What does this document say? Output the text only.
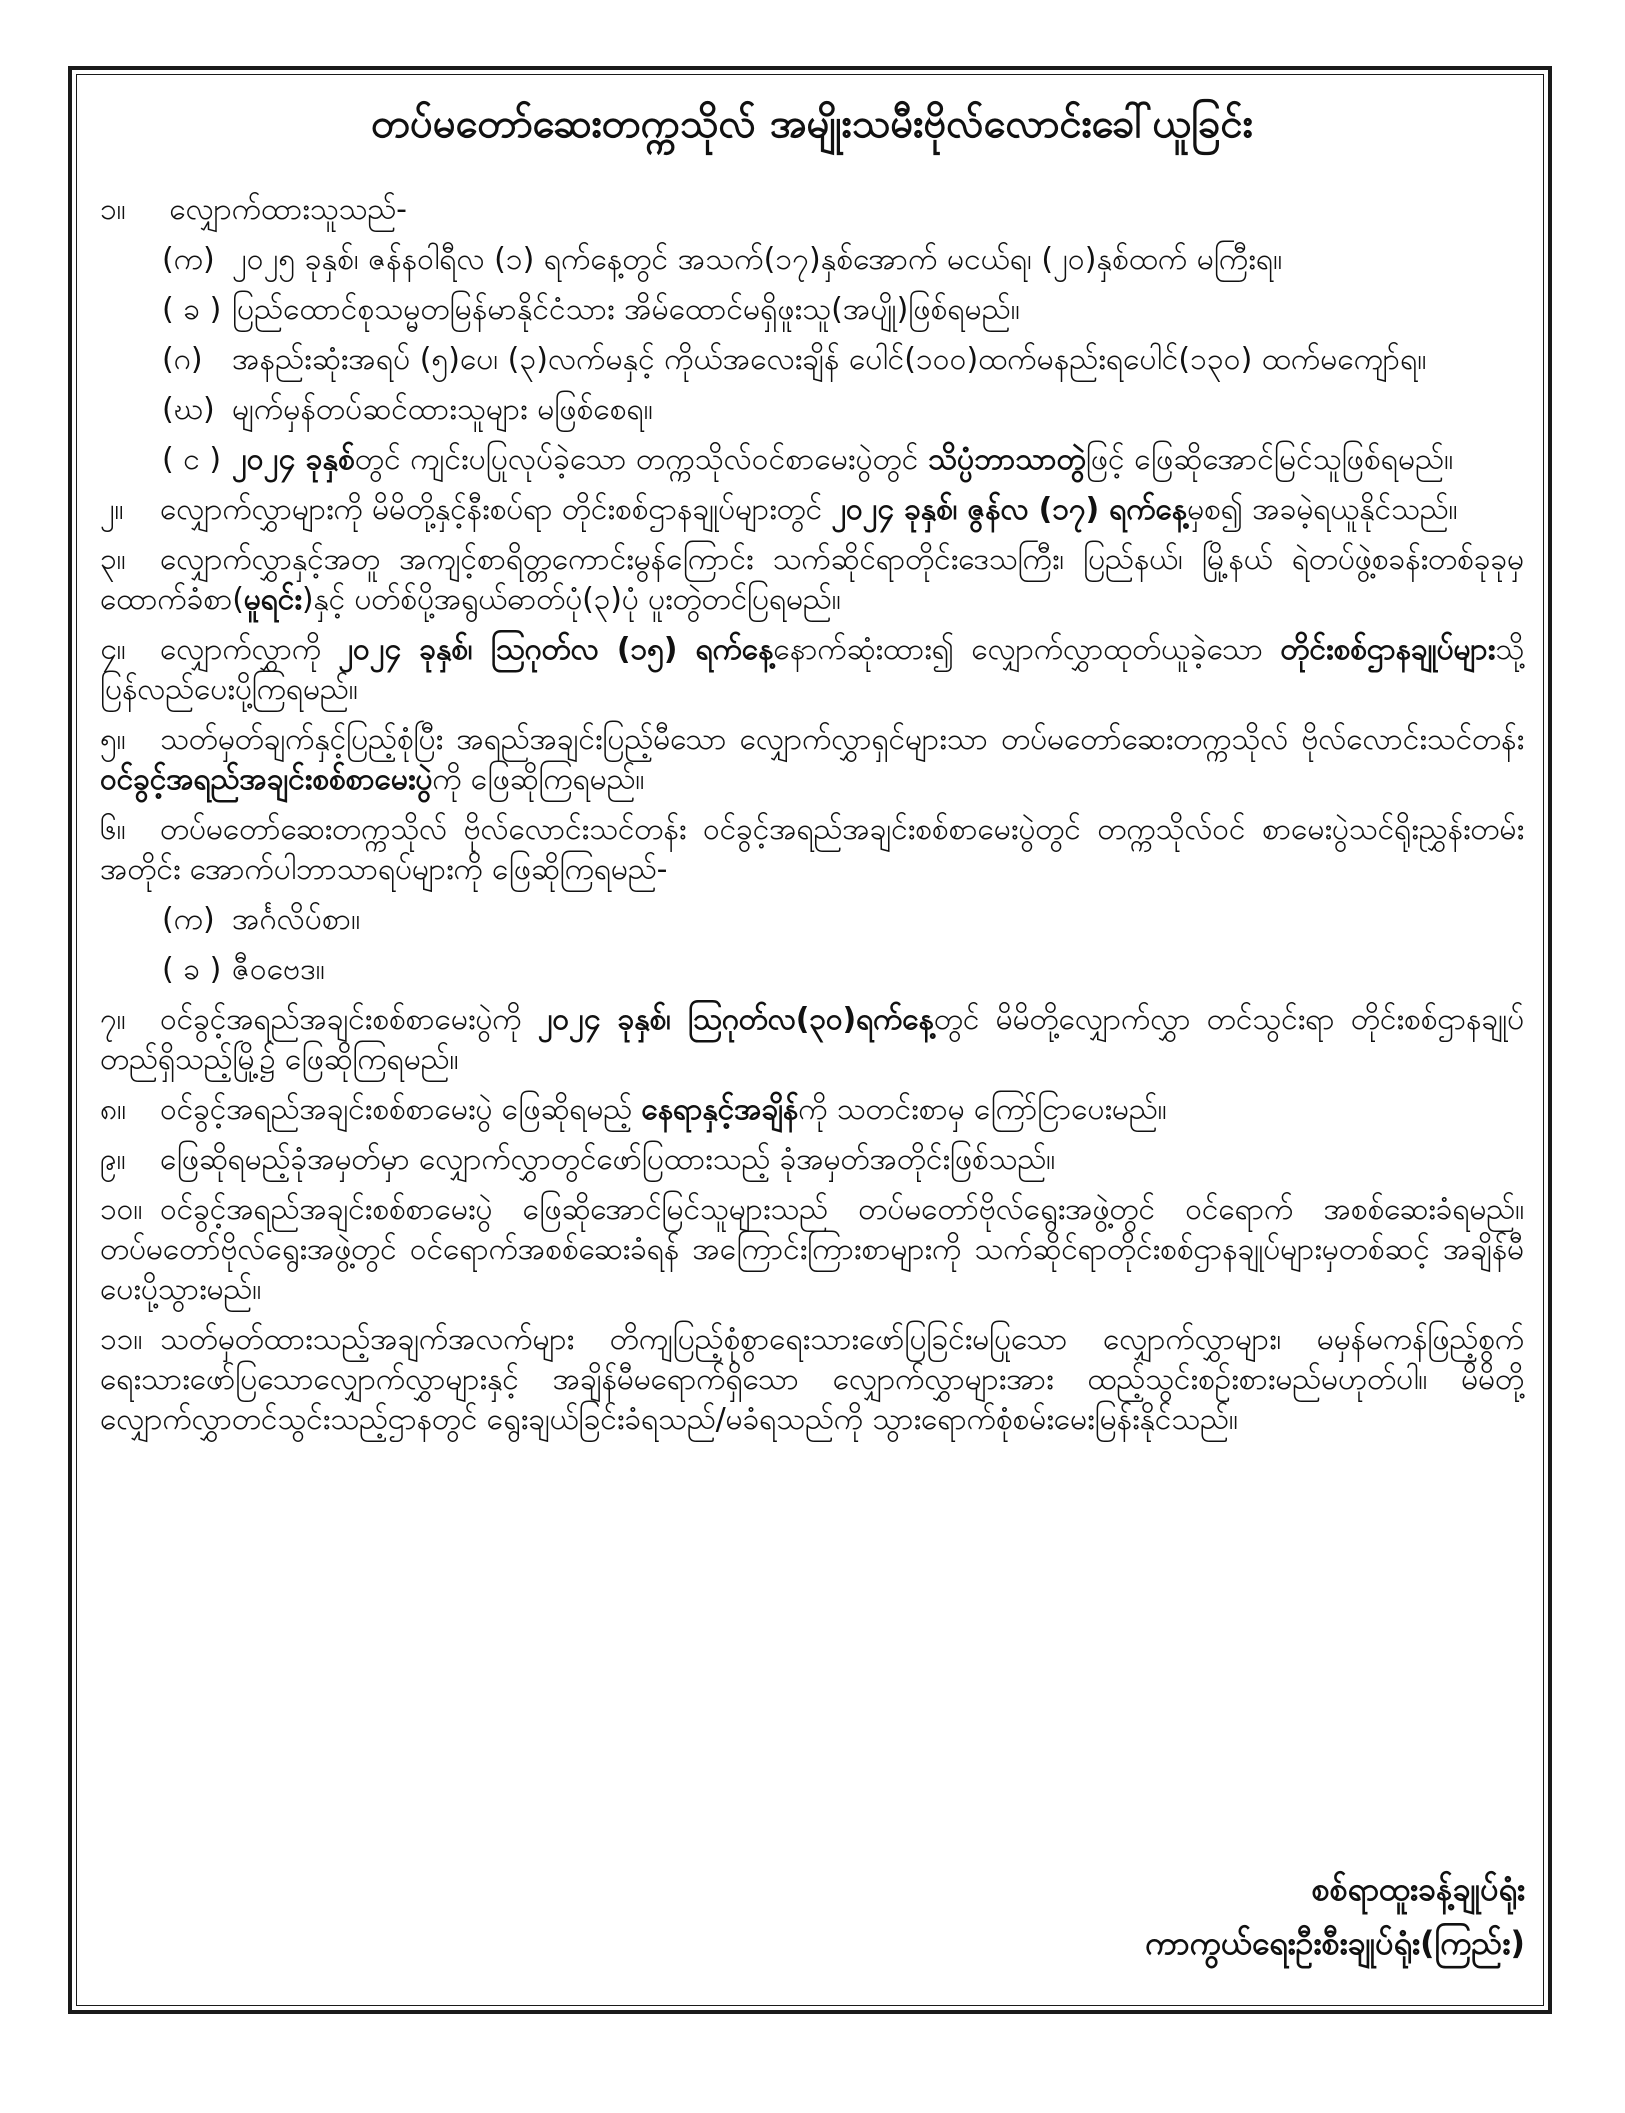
တပ်မတော်ဆေးတက္ကသိုလ် အမျိုးသမီးဗိုလ်လောင်းခေါ်ယူခြင်း
၁။ လျှောက်ထားသူသည်-
(က) ၂၀၂၅ ခုနှစ်၊ ဇန်နဝါရီလ (၁) ရက်နေ့တွင် အသက်(၁၇)နှစ်အောက် မငယ်ရ၊ (၂၀)နှစ်ထက် မကြီးရ။
( ခ ) ပြည်ထောင်စုသမ္မတမြန်မာနိုင်ငံသား အိမ်ထောင်မရှိဖူးသူ(အပျို)ဖြစ်ရမည်။
(ဂ) အနည်းဆုံးအရပ် (၅)ပေ၊ (၃)လက်မနှင့် ကိုယ်အလေးချိန် ပေါင်(၁၀၀)ထက်မနည်းရပေါင်(၁၃၀) ထက်မကျော်ရ။
(ဃ) မျက်မှန်တပ်ဆင်ထားသူများ မဖြစ်စေရ။
( င ) ၂၀၂၄ ခုနှစ်တွင် ကျင်းပပြုလုပ်ခဲ့သော တက္ကသိုလ်ဝင်စာမေးပွဲတွင် သိပ္ပံဘာသာတွဲဖြင့် ဖြေဆိုအောင်မြင်သူဖြစ်ရမည်။
၂။ လျှောက်လွှာများကို မိမိတို့နှင့်နီးစပ်ရာ တိုင်းစစ်ဌာနချုပ်များတွင် ၂၀၂၄ ခုနှစ်၊ ဇွန်လ (၁၇) ရက်နေ့မှစ၍ အခမဲ့ရယူနိုင်သည်။
၃။ လျှောက်လွှာနှင့်အတူ အကျင့်စာရိတ္တကောင်းမွန်ကြောင်း သက်ဆိုင်ရာတိုင်းဒေသကြီး၊ ပြည်နယ်၊ မြို့နယ် ရဲတပ်ဖွဲ့စခန်းတစ်ခုခုမှ ထောက်ခံစာ(မူရင်း)နှင့် ပတ်စ်ပို့အရွယ်ဓာတ်ပုံ(၃)ပုံ ပူးတွဲတင်ပြရမည်။
၄။ လျှောက်လွှာကို ၂၀၂၄ ခုနှစ်၊ ဩဂုတ်လ (၁၅) ရက်နေ့နောက်ဆုံးထား၍ လျှောက်လွှာထုတ်ယူခဲ့သော တိုင်းစစ်ဌာနချုပ်များသို့ ပြန်လည်ပေးပို့ကြရမည်။
၅။ သတ်မှတ်ချက်နှင့်ပြည့်စုံပြီး အရည်အချင်းပြည့်မီသော လျှောက်လွှာရှင်များသာ တပ်မတော်ဆေးတက္ကသိုလ် ဗိုလ်လောင်းသင်တန်း ဝင်ခွင့်အရည်အချင်းစစ်စာမေးပွဲကို ဖြေဆိုကြရမည်။
၆။ တပ်မတော်ဆေးတက္ကသိုလ် ဗိုလ်လောင်းသင်တန်း ဝင်ခွင့်အရည်အချင်းစစ်စာမေးပွဲတွင် တက္ကသိုလ်ဝင် စာမေးပွဲသင်ရိုးညွှန်းတမ်းအတိုင်း အောက်ပါဘာသာရပ်များကို ဖြေဆိုကြရမည်-
(က) အင်္ဂလိပ်စာ။
( ခ ) ဇီဝဗေဒ။
၇။ ဝင်ခွင့်အရည်အချင်းစစ်စာမေးပွဲကို ၂၀၂၄ ခုနှစ်၊ ဩဂုတ်လ(၃၀)ရက်နေ့တွင် မိမိတို့လျှောက်လွှာ တင်သွင်းရာ တိုင်းစစ်ဌာနချုပ်တည်ရှိသည့်မြို့၌ ဖြေဆိုကြရမည်။
၈။ ဝင်ခွင့်အရည်အချင်းစစ်စာမေးပွဲ ဖြေဆိုရမည့် နေရာနှင့်အချိန်ကို သတင်းစာမှ ကြော်ငြာပေးမည်။
၉။ ဖြေဆိုရမည့်ခုံအမှတ်မှာ လျှောက်လွှာတွင်ဖော်ပြထားသည့် ခုံအမှတ်အတိုင်းဖြစ်သည်။
၁၀။ ဝင်ခွင့်အရည်အချင်းစစ်စာမေးပွဲ ဖြေဆိုအောင်မြင်သူများသည် တပ်မတော်ဗိုလ်ရွေးအဖွဲ့တွင် ဝင်ရောက် အစစ်ဆေးခံရမည်။ တပ်မတော်ဗိုလ်ရွေးအဖွဲ့တွင် ဝင်ရောက်အစစ်ဆေးခံရန် အကြောင်းကြားစာများကို သက်ဆိုင်ရာတိုင်းစစ်ဌာနချုပ်များမှတစ်ဆင့် အချိန်မီပေးပို့သွားမည်။
၁၁။ သတ်မှတ်ထားသည့်အချက်အလက်များ တိကျပြည့်စုံစွာရေးသားဖော်ပြခြင်းမပြုသော လျှောက်လွှာများ၊ မမှန်မကန်ဖြည့်စွက်ရေးသားဖော်ပြသောလျှောက်လွှာများနှင့် အချိန်မီမရောက်ရှိသော လျှောက်လွှာများအား ထည့်သွင်းစဉ်းစားမည်မဟုတ်ပါ။ မိမိတို့ လျှောက်လွှာတင်သွင်းသည့်ဌာနတွင် ရွေးချယ်ခြင်းခံရသည်/မခံရသည်ကို သွားရောက်စုံစမ်းမေးမြန်းနိုင်သည်။
စစ်ရာထူးခန့်ချုပ်ရုံး
ကာကွယ်ရေးဦးစီးချုပ်ရုံး(ကြည်း)
